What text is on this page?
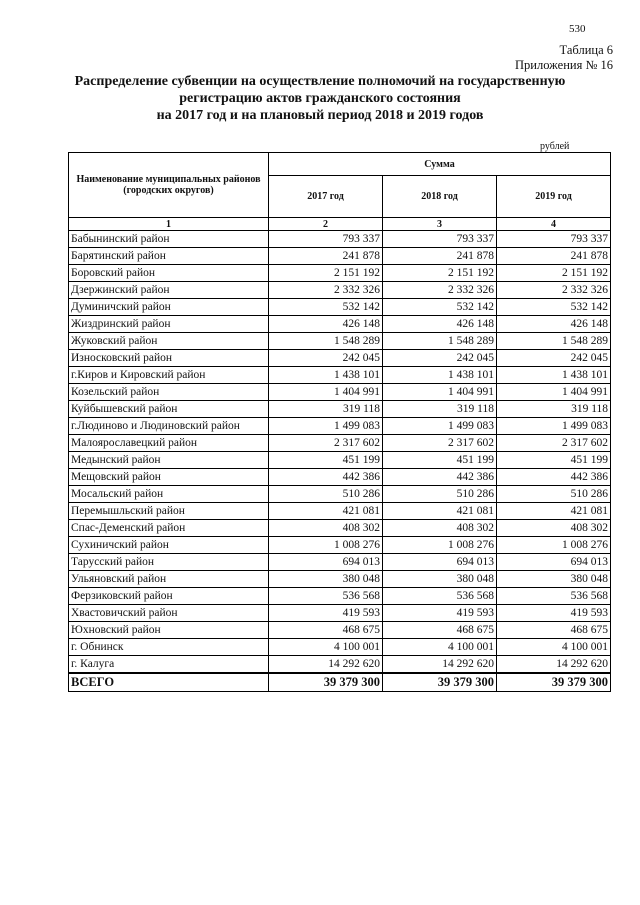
530
Таблица 6
Приложения № 16
Распределение субвенции на осуществление полномочий на государственную
регистрацию актов гражданского состояния
на 2017 год и на плановый период 2018 и 2019 годов
рублей
Наименование муниципальных районов (городских округов)	Сумма		
	2017 год	2018 год	2019 год
1	2	3	4
Бабынинский район	793 337	793 337	793 337
Барятинский район	241 878	241 878	241 878
Боровский район	2 151 192	2 151 192	2 151 192
Дзержинский район	2 332 326	2 332 326	2 332 326
Думиничский район	532 142	532 142	532 142
Жиздринский район	426 148	426 148	426 148
Жуковский район	1 548 289	1 548 289	1 548 289
Износковский район	242 045	242 045	242 045
г.Киров и Кировский район	1 438 101	1 438 101	1 438 101
Козельский район	1 404 991	1 404 991	1 404 991
Куйбышевский район	319 118	319 118	319 118
г.Людиново и Людиновский район	1 499 083	1 499 083	1 499 083
Малоярославецкий район	2 317 602	2 317 602	2 317 602
Медынский район	451 199	451 199	451 199
Мещовский район	442 386	442 386	442 386
Мосальский район	510 286	510 286	510 286
Перемышльский район	421 081	421 081	421 081
Спас-Деменский район	408 302	408 302	408 302
Сухиничский район	1 008 276	1 008 276	1 008 276
Тарусский район	694 013	694 013	694 013
Ульяновский район	380 048	380 048	380 048
Ферзиковский район	536 568	536 568	536 568
Хвастовичский район	419 593	419 593	419 593
Юхновский район	468 675	468 675	468 675
г. Обнинск	4 100 001	4 100 001	4 100 001
г. Калуга	14 292 620	14 292 620	14 292 620
ВСЕГО	39 379 300	39 379 300	39 379 300
